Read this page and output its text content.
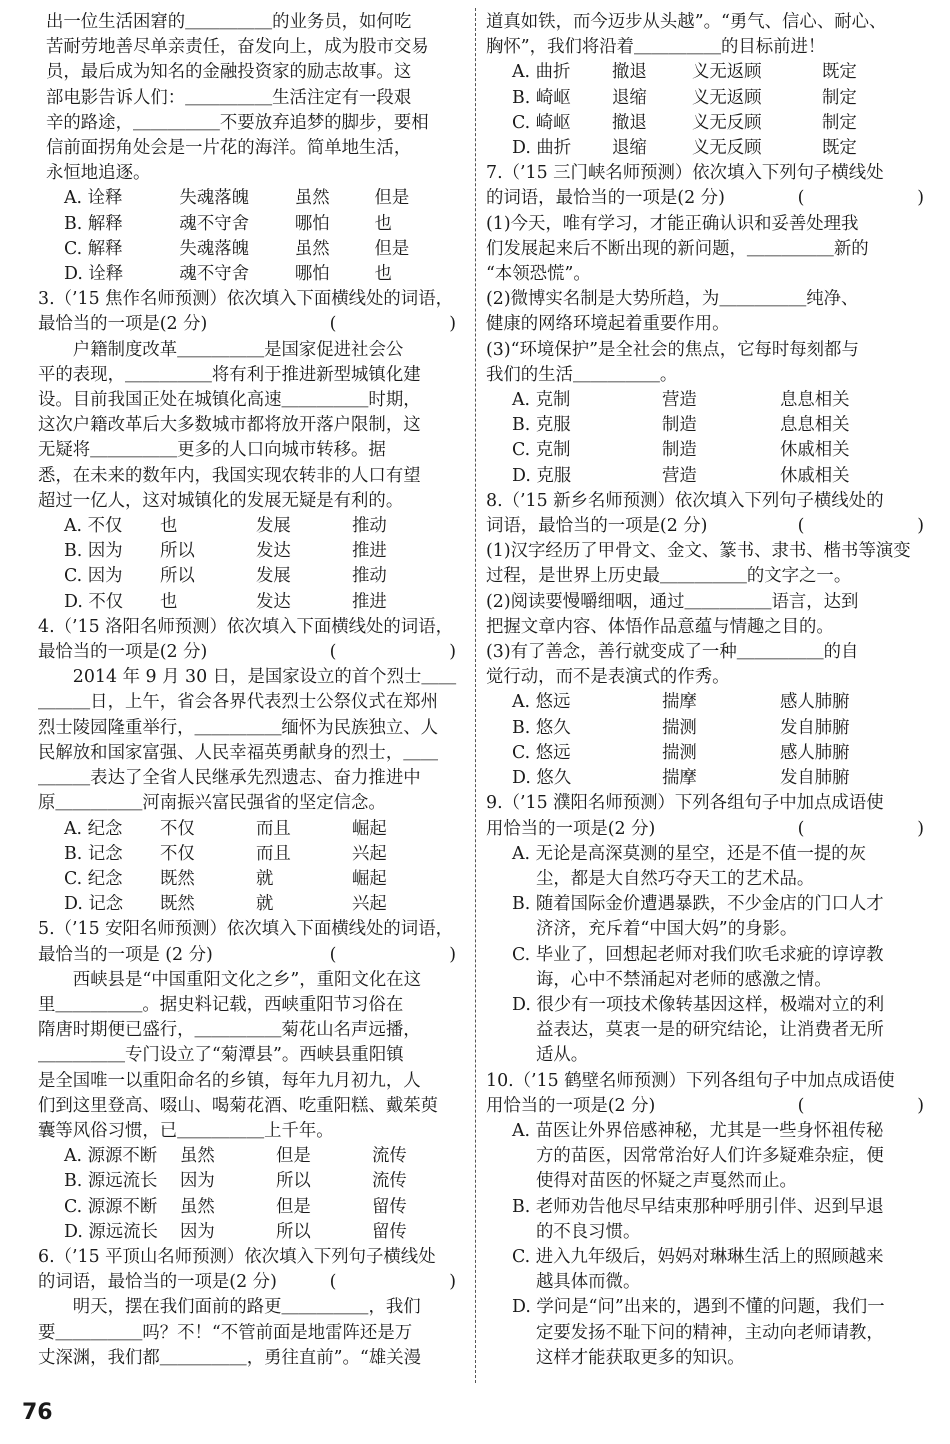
出一位生活困窘的＿＿＿＿＿的业务员，如何吃
苦耐劳地善尽单亲责任，奋发向上，成为股市交易
员，最后成为知名的金融投资家的励志故事。这
部电影告诉人们：＿＿＿＿＿生活注定有一段艰
辛的路途，＿＿＿＿＿不要放弃追梦的脚步，要相
信前面拐角处会是一片花的海洋。简单地生活，
永恒地追逐。
A. 诠释	失魂落魄	虽然	但是
B. 解释	魂不守舍	哪怕	也
C. 解释	失魂落魄	虽然	但是
D. 诠释	魂不守舍	哪怕	也
3.（’15 焦作名师预测）依次填入下面横线处的词语，
最恰当的一项是(2 分)	(　　)
户籍制度改革＿＿＿＿＿是国家促进社会公
平的表现，＿＿＿＿＿将有利于推进新型城镇化建
设。目前我国正处在城镇化高速＿＿＿＿＿时期，
这次户籍改革后大多数城市都将放开落户限制，这
无疑将＿＿＿＿＿更多的人口向城市转移。据
悉，在未来的数年内，我国实现农转非的人口有望
超过一亿人，这对城镇化的发展无疑是有利的。
A. 不仅	也	发展	推动
B. 因为	所以	发达	推进
C. 因为	所以	发展	推动
D. 不仅	也	发达	推进
4.（’15 洛阳名师预测）依次填入下面横线处的词语，
最恰当的一项是(2 分)	(　　)
2014 年 9 月 30 日，是国家设立的首个烈士＿＿
＿＿＿日，上午，省会各界代表烈士公祭仪式在郑州
烈士陵园隆重举行，＿＿＿＿＿缅怀为民族独立、人
民解放和国家富强、人民幸福英勇献身的烈士，＿＿
＿＿＿表达了全省人民继承先烈遗志、奋力推进中
原＿＿＿＿＿河南振兴富民强省的坚定信念。
A. 纪念	不仅	而且	崛起
B. 记念	不仅	而且	兴起
C. 纪念	既然	就	崛起
D. 记念	既然	就	兴起
5.（’15 安阳名师预测）依次填入下面横线处的词语，
最恰当的一项是 (2 分)	(　　)
西峡县是“中国重阳文化之乡”，重阳文化在这
里＿＿＿＿＿。据史料记载，西峡重阳节习俗在
隋唐时期便已盛行，＿＿＿＿＿菊花山名声远播，
＿＿＿＿＿专门设立了“菊潭县”。西峡县重阳镇
是全国唯一以重阳命名的乡镇，每年九月初九，人
们到这里登高、啜山、喝菊花酒、吃重阳糕、戴茱萸
囊等风俗习惯，已＿＿＿＿＿上千年。
A. 源源不断	虽然	但是	流传
B. 源远流长	因为	所以	流传
C. 源源不断	虽然	但是	留传
D. 源远流长	因为	所以	留传
6.（’15 平顶山名师预测）依次填入下列句子横线处
的词语，最恰当的一项是(2 分)	(　　)
明天，摆在我们面前的路更＿＿＿＿＿，我们
要＿＿＿＿＿吗？不！“不管前面是地雷阵还是万
丈深渊，我们都＿＿＿＿＿，勇往直前”。“雄关漫
道真如铁，而今迈步从头越”。“勇气、信心、耐心、
胸怀”，我们将沿着＿＿＿＿＿的目标前进！
A. 曲折	撤退	义无返顾	既定
B. 崎岖	退缩	义无返顾	制定
C. 崎岖	撤退	义无反顾	制定
D. 曲折	退缩	义无反顾	既定
7.（’15 三门峡名师预测）依次填入下列句子横线处
的词语，最恰当的一项是(2 分)	(　　)
(1)今天，唯有学习，才能正确认识和妥善处理我
们发展起来后不断出现的新问题，＿＿＿＿＿新的
“本领恐慌”。
(2)微博实名制是大势所趋，为＿＿＿＿＿纯净、
健康的网络环境起着重要作用。
(3)“环境保护”是全社会的焦点，它每时每刻都与
我们的生活＿＿＿＿＿。
A. 克制	营造	息息相关
B. 克服	制造	息息相关
C. 克制	制造	休戚相关
D. 克服	营造	休戚相关
8.（’15 新乡名师预测）依次填入下列句子横线处的
词语，最恰当的一项是(2 分)	(　　)
(1)汉字经历了甲骨文、金文、篆书、隶书、楷书等演变
过程，是世界上历史最＿＿＿＿＿的文字之一。
(2)阅读要慢嚼细咽，通过＿＿＿＿＿语言，达到
把握文章内容、体悟作品意蕴与情趣之目的。
(3)有了善念，善行就变成了一种＿＿＿＿＿的自
觉行动，而不是表演式的作秀。
A. 悠远	揣摩	感人肺腑
B. 悠久	揣测	发自肺腑
C. 悠远	揣测	感人肺腑
D. 悠久	揣摩	发自肺腑
9.（’15 濮阳名师预测）下列各组句子中加点成语使
用恰当的一项是(2 分)	(　　)
A. 无论是高深莫测的星空，还是不值一提的灰
尘，都是大自然巧夺天工的艺术品。
B. 随着国际金价遭遇暴跌，不少金店的门口人才
济济，充斥着“中国大妈”的身影。
C. 毕业了，回想起老师对我们吹毛求疵的谆谆教
诲，心中不禁涌起对老师的感激之情。
D. 很少有一项技术像转基因这样，极端对立的利
益表达，莫衷一是的研究结论，让消费者无所
适从。
10.（’15 鹤壁名师预测）下列各组句子中加点成语使
用恰当的一项是(2 分)	(　　)
A. 苗医让外界倍感神秘，尤其是一些身怀祖传秘
方的苗医，因常常治好人们许多疑难杂症，便
使得对苗医的怀疑之声戛然而止。
B. 老师劝告他尽早结束那种呼朋引伴、迟到早退
的不良习惯。
C. 进入九年级后，妈妈对琳琳生活上的照顾越来
越具体而微。
D. 学问是“问”出来的，遇到不懂的问题，我们一
定要发扬不耻下问的精神，主动向老师请教，
这样才能获取更多的知识。
76
